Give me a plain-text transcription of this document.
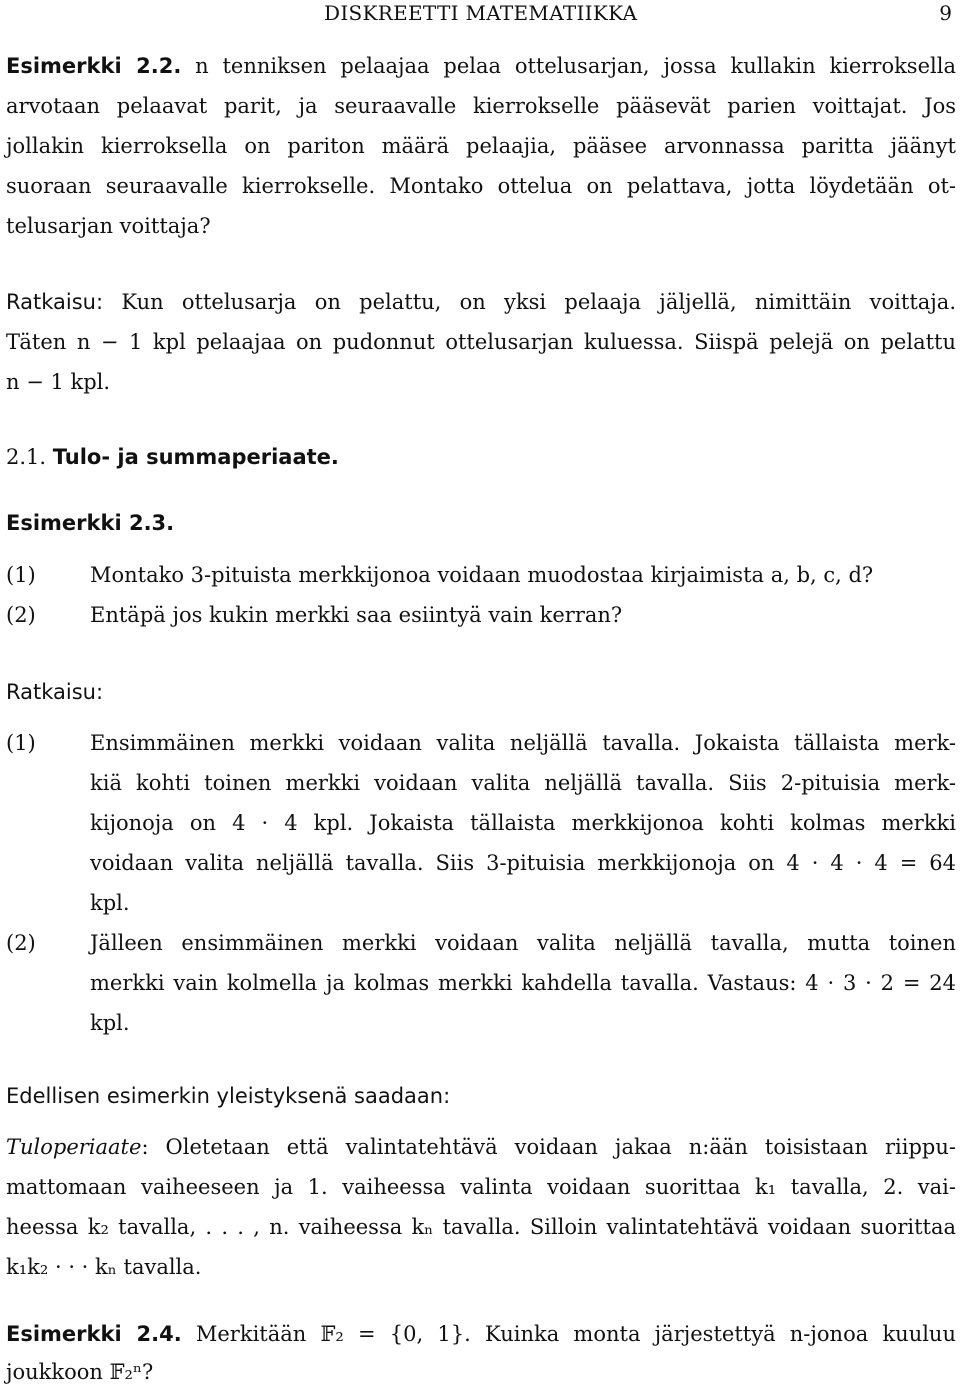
DISKREETTI MATEMATIIKKA	9
Esimerkki 2.2. n tenniksen pelaajaa pelaa ottelusarjan, jossa kullakin kierroksella
arvotaan pelaavat parit, ja seuraavalle kierrokselle pääsevät parien voittajat. Jos
jollakin kierroksella on pariton määrä pelaajia, pääsee arvonnassa paritta jäänyt
suoraan seuraavalle kierrokselle. Montako ottelua on pelattava, jotta löydetään ot-
telusarjan voittaja?
Ratkaisu: Kun ottelusarja on pelattu, on yksi pelaaja jäljellä, nimittäin voittaja.
Täten n − 1 kpl pelaajaa on pudonnut ottelusarjan kuluessa. Siispä pelejä on pelattu
n − 1 kpl.
2.1. Tulo- ja summaperiaate.
Esimerkki 2.3.
(1)	Montako 3-pituista merkkijonoa voidaan muodostaa kirjaimista a, b, c, d?
(2)	Entäpä jos kukin merkki saa esiintyä vain kerran?
Ratkaisu:
(1)	Ensimmäinen merkki voidaan valita neljällä tavalla. Jokaista tällaista merk-
kiä kohti toinen merkki voidaan valita neljällä tavalla. Siis 2-pituisia merk-
kijonoja on 4 · 4 kpl. Jokaista tällaista merkkijonoa kohti kolmas merkki
voidaan valita neljällä tavalla. Siis 3-pituisia merkkijonoja on 4 · 4 · 4 = 64
kpl.
(2)	Jälleen ensimmäinen merkki voidaan valita neljällä tavalla, mutta toinen
merkki vain kolmella ja kolmas merkki kahdella tavalla. Vastaus: 4 · 3 · 2 = 24
kpl.
Edellisen esimerkin yleistyksenä saadaan:
Tuloperiaate: Oletetaan että valintatehtävä voidaan jakaa n:ään toisistaan riippu-
mattomaan vaiheeseen ja 1. vaiheessa valinta voidaan suorittaa k₁ tavalla, 2. vai-
heessa k₂ tavalla, . . . , n. vaiheessa kₙ tavalla. Silloin valintatehtävä voidaan suorittaa
k₁k₂ · · · kₙ tavalla.
Esimerkki 2.4. Merkitään 𝔽₂ = {0, 1}. Kuinka monta järjestettyä n-jonoa kuuluu
joukkoon 𝔽₂ⁿ?
